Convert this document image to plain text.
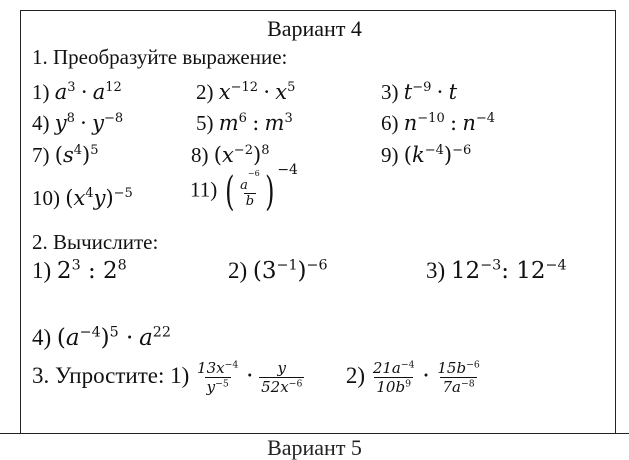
Вариант 4
1. Преобразуйте выражение:
1) $a^3 \cdot a^{12}$	2) $x^{-12} \cdot x^5$	3) $t^{-9} \cdot t$
4) $y^8 \cdot y^{-8}$	5) $m^6$ : $m^3$	6) $n^{-10}$ : $n^{-4}$
7) $(s^4)^5$	8) $(x^{-2})^8$	9) $(k^{-4})^{-6}$
10) $(x^4y)^{-5}$	11) ( $\frac{a^{-6}}{b}$ ) $^{-4}$
2. Вычислите:
1) $2^3$ : $2^8$	2) $(3^{-1})^{-6}$	3) $12^{-3}$: $12^{-4}$
4) $(a^{-4})^5 \cdot a^{22}$
3. Упростите: $1) \frac{13x^{-4}}{y^{-5}} \cdot \frac{y}{52x^{-6}} 2) \frac{21a^{-4}}{10b^9} \cdot \frac{15b^{-6}}{7a^{-8}}$
Вариант 5
